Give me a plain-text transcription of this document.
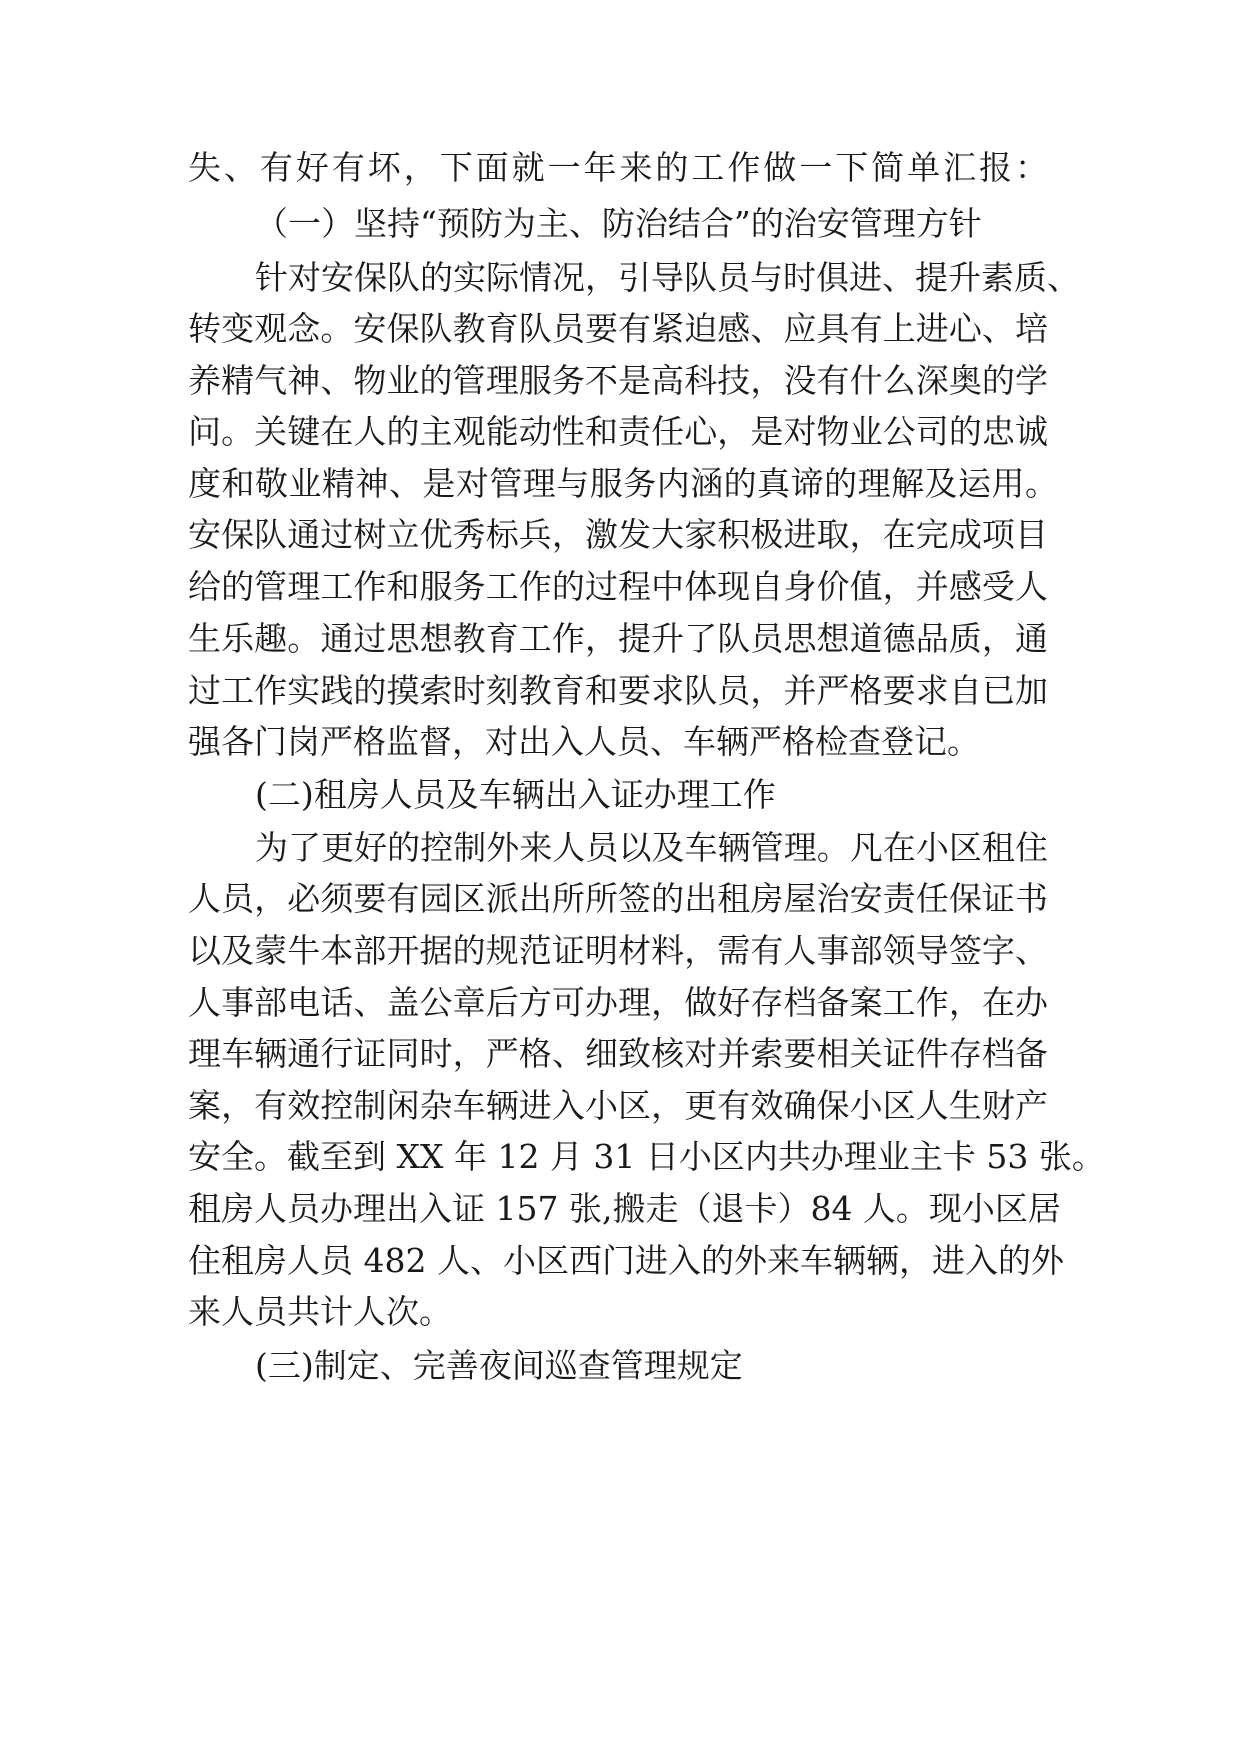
失、有好有坏，下面就一年来的工作做一下简单汇报：
（一）坚持“预防为主、防治结合”的治安管理方针
针对安保队的实际情况，引导队员与时俱进、提升素质、
转变观念。安保队教育队员要有紧迫感、应具有上进心、培
养精气神、物业的管理服务不是高科技，没有什么深奥的学
问。关键在人的主观能动性和责任心，是对物业公司的忠诚
度和敬业精神、是对管理与服务内涵的真谛的理解及运用。
安保队通过树立优秀标兵，激发大家积极进取，在完成项目
给的管理工作和服务工作的过程中体现自身价值，并感受人
生乐趣。通过思想教育工作，提升了队员思想道德品质，通
过工作实践的摸索时刻教育和要求队员，并严格要求自已加
强各门岗严格监督，对出入人员、车辆严格检查登记。
(二)租房人员及车辆出入证办理工作
为了更好的控制外来人员以及车辆管理。凡在小区租住
人员，必须要有园区派出所所签的出租房屋治安责任保证书
以及蒙牛本部开据的规范证明材料，需有人事部领导签字、
人事部电话、盖公章后方可办理，做好存档备案工作，在办
理车辆通行证同时，严格、细致核对并索要相关证件存档备
案，有效控制闲杂车辆进入小区，更有效确保小区人生财产
安全。截至到 XX 年 12 月 31 日小区内共办理业主卡 53 张。
租房人员办理出入证 157 张,搬走（退卡）84 人。现小区居
住租房人员 482 人、小区西门进入的外来车辆辆，进入的外
来人员共计人次。
(三)制定、完善夜间巡查管理规定
